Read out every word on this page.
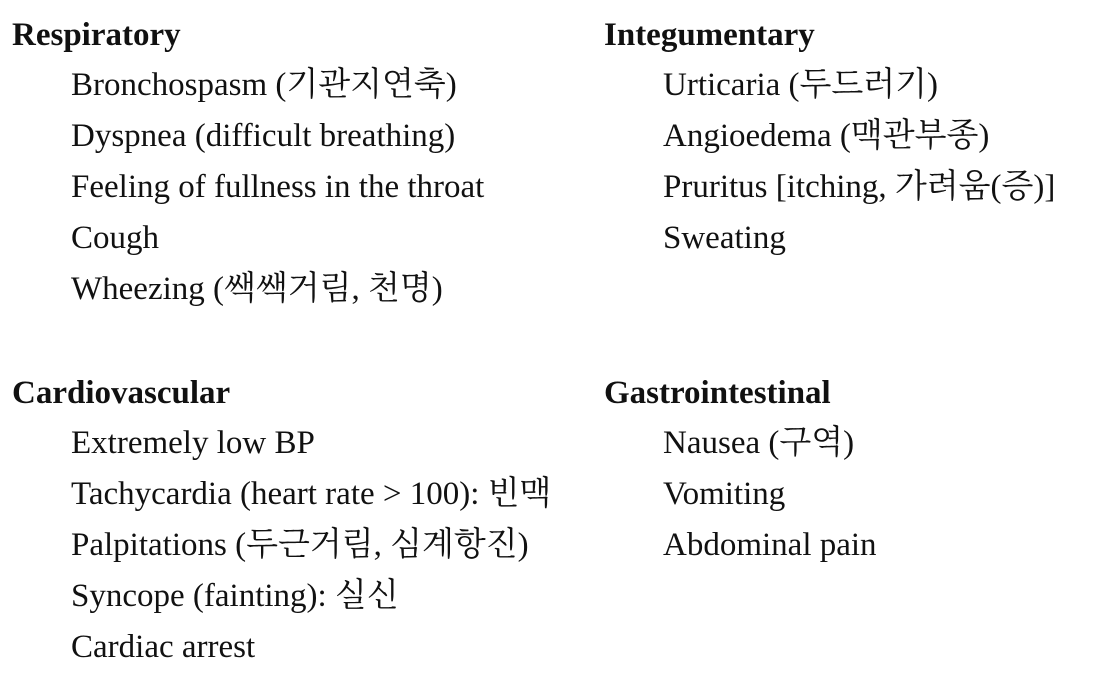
Respiratory
Bronchospasm (기관지연축)
Dyspnea (difficult breathing)
Feeling of fullness in the throat
Cough
Wheezing (쌕쌕거림, 천명)
Integumentary
Urticaria (두드러기)
Angioedema (맥관부종)
Pruritus [itching, 가려움(증)]
Sweating
Cardiovascular
Extremely low BP
Tachycardia (heart rate > 100): 빈맥
Palpitations (두근거림, 심계항진)
Syncope (fainting): 실신
Cardiac arrest
Gastrointestinal
Nausea (구역)
Vomiting
Abdominal pain
